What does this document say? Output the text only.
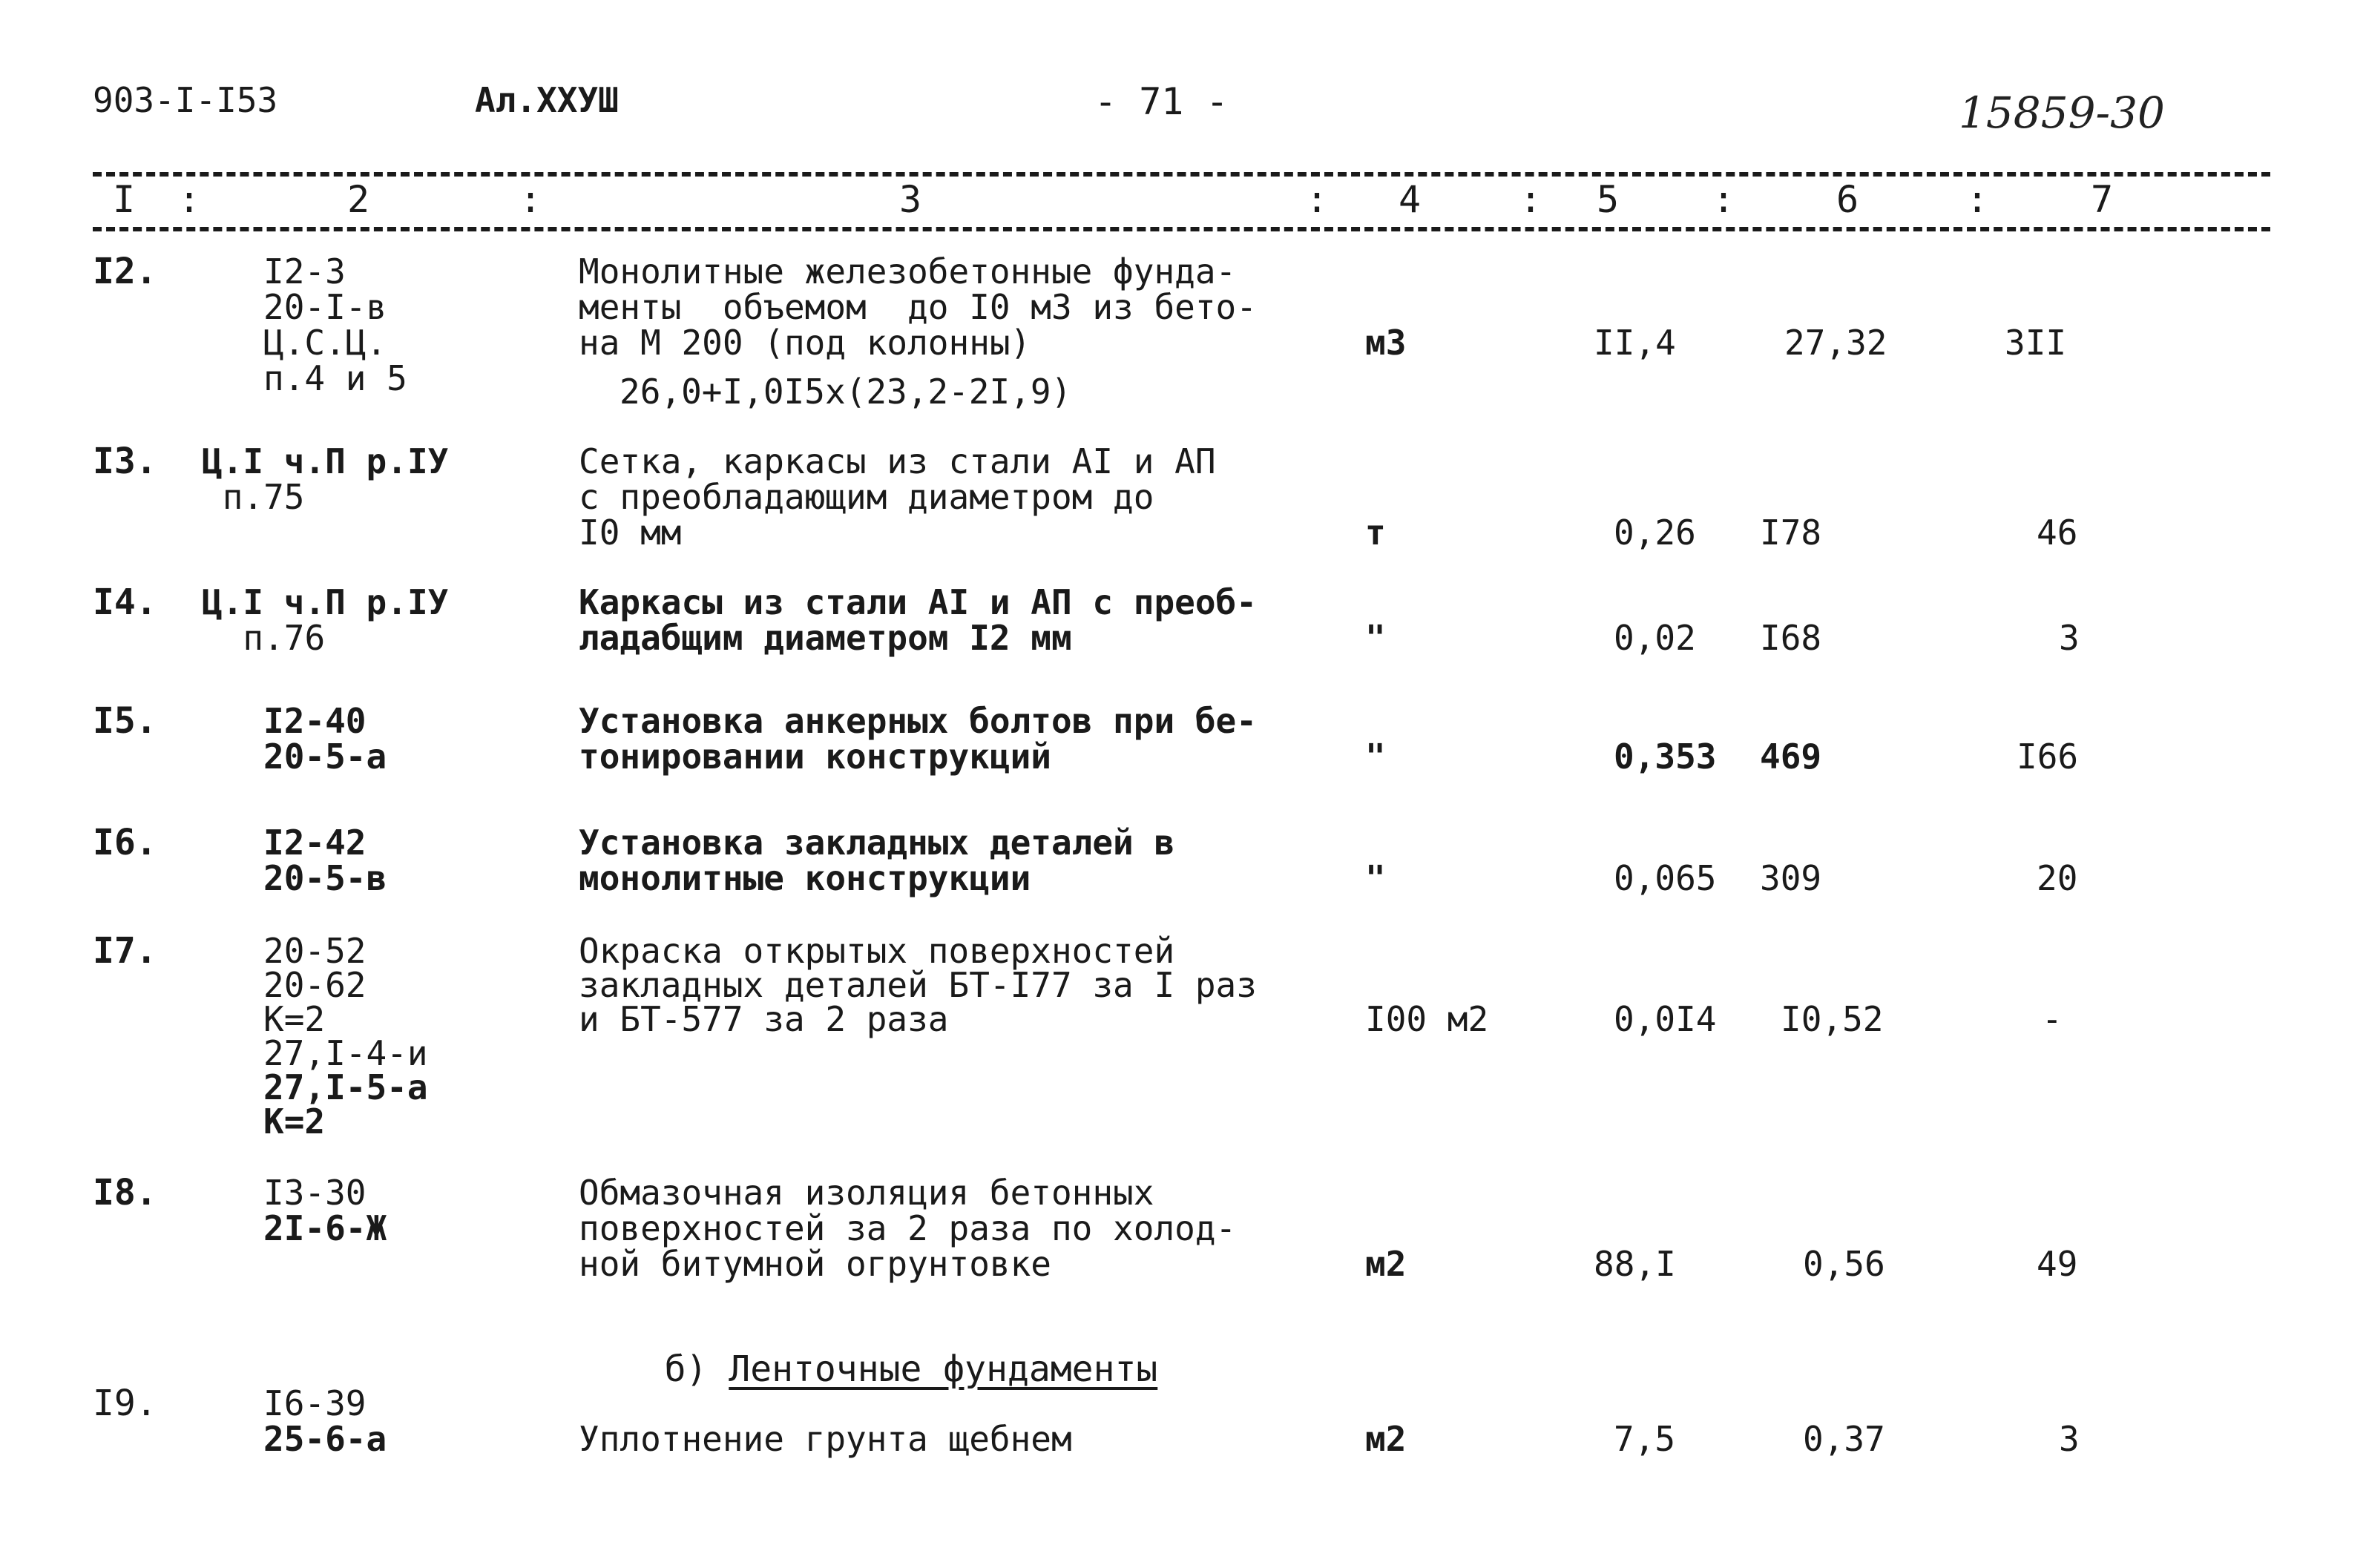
903-I-I53	Ал.ХХУШ	- 71 -	15859-30
I :	2	:	3	: 4	: 5	:	6	:	7
I2.	I2-3
20-I-в
Ц.С.Ц.
п.4 и 5
Монолитные железобетонные фунда-
менты  объемом  до I0 м3 из бето-
на М 200 (под колонны)
26,0+I,0I5х(23,2-2I,9)
м3	II,4	27,32	3II
I3. Ц.I ч.П р.IУ
п.75
Сетка, каркасы из стали АI и АП
с преобладающим диаметром до
I0 мм	т	0,26 I78	46
I4. Ц.I ч.П р.IУ
п.76
Каркасы из стали АI и АП с преоб-
ладабщим диаметром I2 мм	"	0,02 I68	3
I5.	I2-40
20-5-а
Установка анкерных болтов при бе-
тонировании конструкций	"	0,353 469	I66
I6.	I2-42
20-5-в
Установка закладных деталей в
монолитные конструкции	"	0,065 309	20
I7.	20-52
20-62
К=2
27,I-4-и
27,I-5-а
К=2
Окраска открытых поверхностей
закладных деталей БТ-I77 за I раз
и БТ-577 за 2 раза	I00 м2	0,0I4 I0,52	-
I8.	I3-30
2I-6-Ж
Обмазочная изоляция бетонных
поверхностей за 2 раза по холод-
ной битумной огрунтовке	м2	88,I	0,56	49

б) Ленточные фундаменты

I9.	I6-39
25-6-а	Уплотнение грунта щебнем	м2	7,5	0,37	3
